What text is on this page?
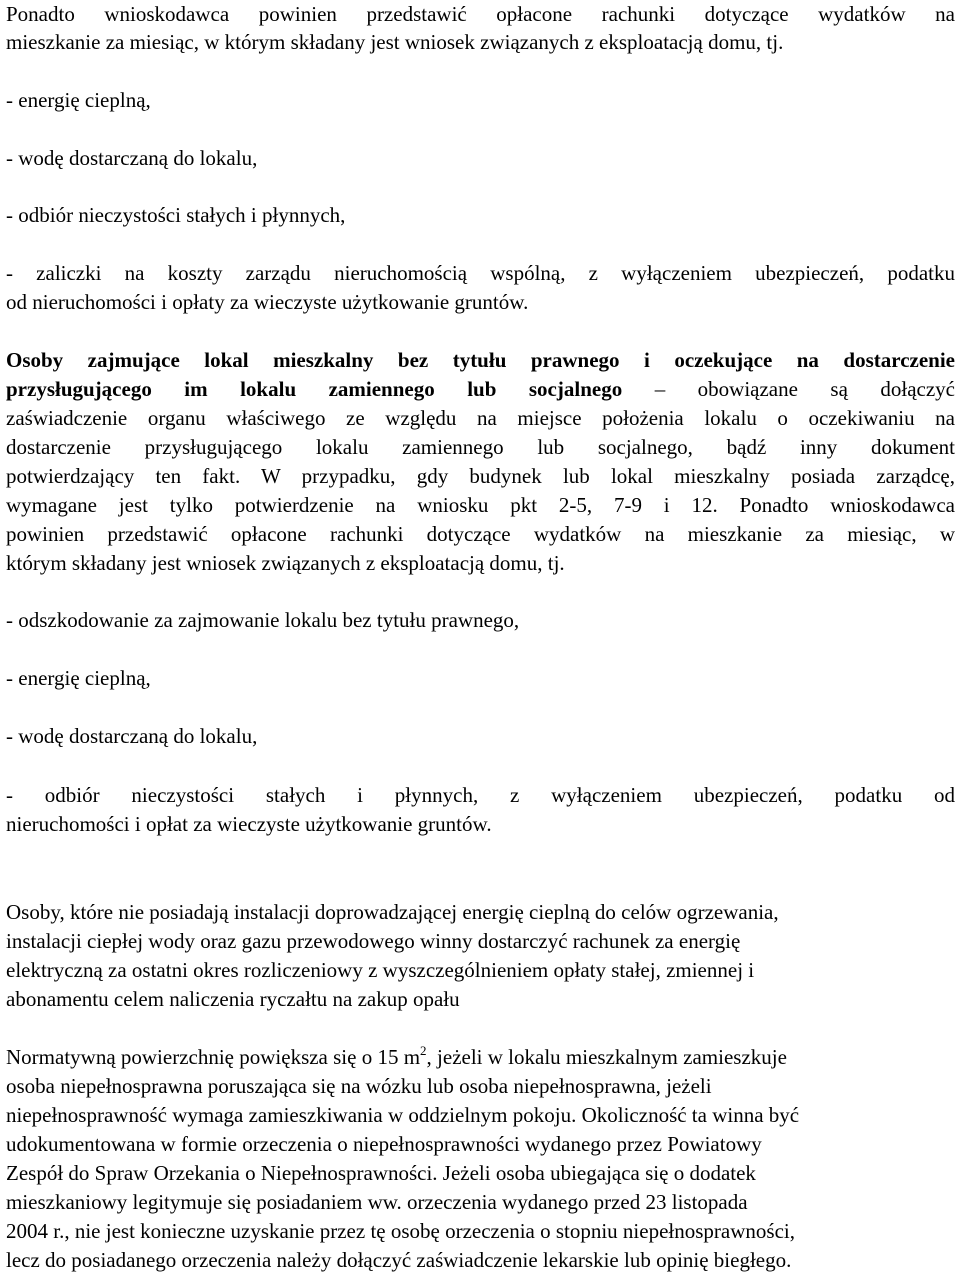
Ponadto wnioskodawca powinien przedstawić opłacone rachunki dotyczące wydatków na
mieszkanie za miesiąc, w którym składany jest wniosek związanych z eksploatacją domu, tj.
- energię cieplną,
- wodę dostarczaną do lokalu,
- odbiór nieczystości stałych i płynnych,
- zaliczki na koszty zarządu nieruchomością wspólną, z wyłączeniem ubezpieczeń, podatku
od nieruchomości i opłaty za wieczyste użytkowanie gruntów.
Osoby zajmujące lokal mieszkalny bez tytułu prawnego i oczekujące na dostarczenie
przysługującego im lokalu zamiennego lub socjalnego – obowiązane są dołączyć
zaświadczenie organu właściwego ze względu na miejsce położenia lokalu o oczekiwaniu na
dostarczenie przysługującego lokalu zamiennego lub socjalnego, bądź inny dokument
potwierdzający ten fakt. W przypadku, gdy budynek lub lokal mieszkalny posiada zarządcę,
wymagane jest tylko potwierdzenie na wniosku pkt 2-5, 7-9 i 12. Ponadto wnioskodawca
powinien przedstawić opłacone rachunki dotyczące wydatków na mieszkanie za miesiąc, w
którym składany jest wniosek związanych z eksploatacją domu, tj.
- odszkodowanie za zajmowanie lokalu bez tytułu prawnego,
- energię cieplną,
- wodę dostarczaną do lokalu,
- odbiór nieczystości stałych i płynnych, z wyłączeniem ubezpieczeń, podatku od
nieruchomości i opłat za wieczyste użytkowanie gruntów.
Osoby, które nie posiadają instalacji doprowadzającej energię cieplną do celów ogrzewania,
instalacji ciepłej wody oraz gazu przewodowego winny dostarczyć rachunek za energię
elektryczną za ostatni okres rozliczeniowy z wyszczególnieniem opłaty stałej, zmiennej i
abonamentu celem naliczenia ryczałtu na zakup opału
Normatywną powierzchnię powiększa się o 15 $m^2$, jeżeli w lokalu mieszkalnym zamieszkuje
osoba niepełnosprawna poruszająca się na wózku lub osoba niepełnosprawna, jeżeli
niepełnosprawność wymaga zamieszkiwania w oddzielnym pokoju. Okoliczność ta winna być
udokumentowana w formie orzeczenia o niepełnosprawności wydanego przez Powiatowy
Zespół do Spraw Orzekania o Niepełnosprawności. Jeżeli osoba ubiegająca się o dodatek
mieszkaniowy legitymuje się posiadaniem ww. orzeczenia wydanego przed 23 listopada
2004 r., nie jest konieczne uzyskanie przez tę osobę orzeczenia o stopniu niepełnosprawności,
lecz do posiadanego orzeczenia należy dołączyć zaświadczenie lekarskie lub opinię biegłego.
